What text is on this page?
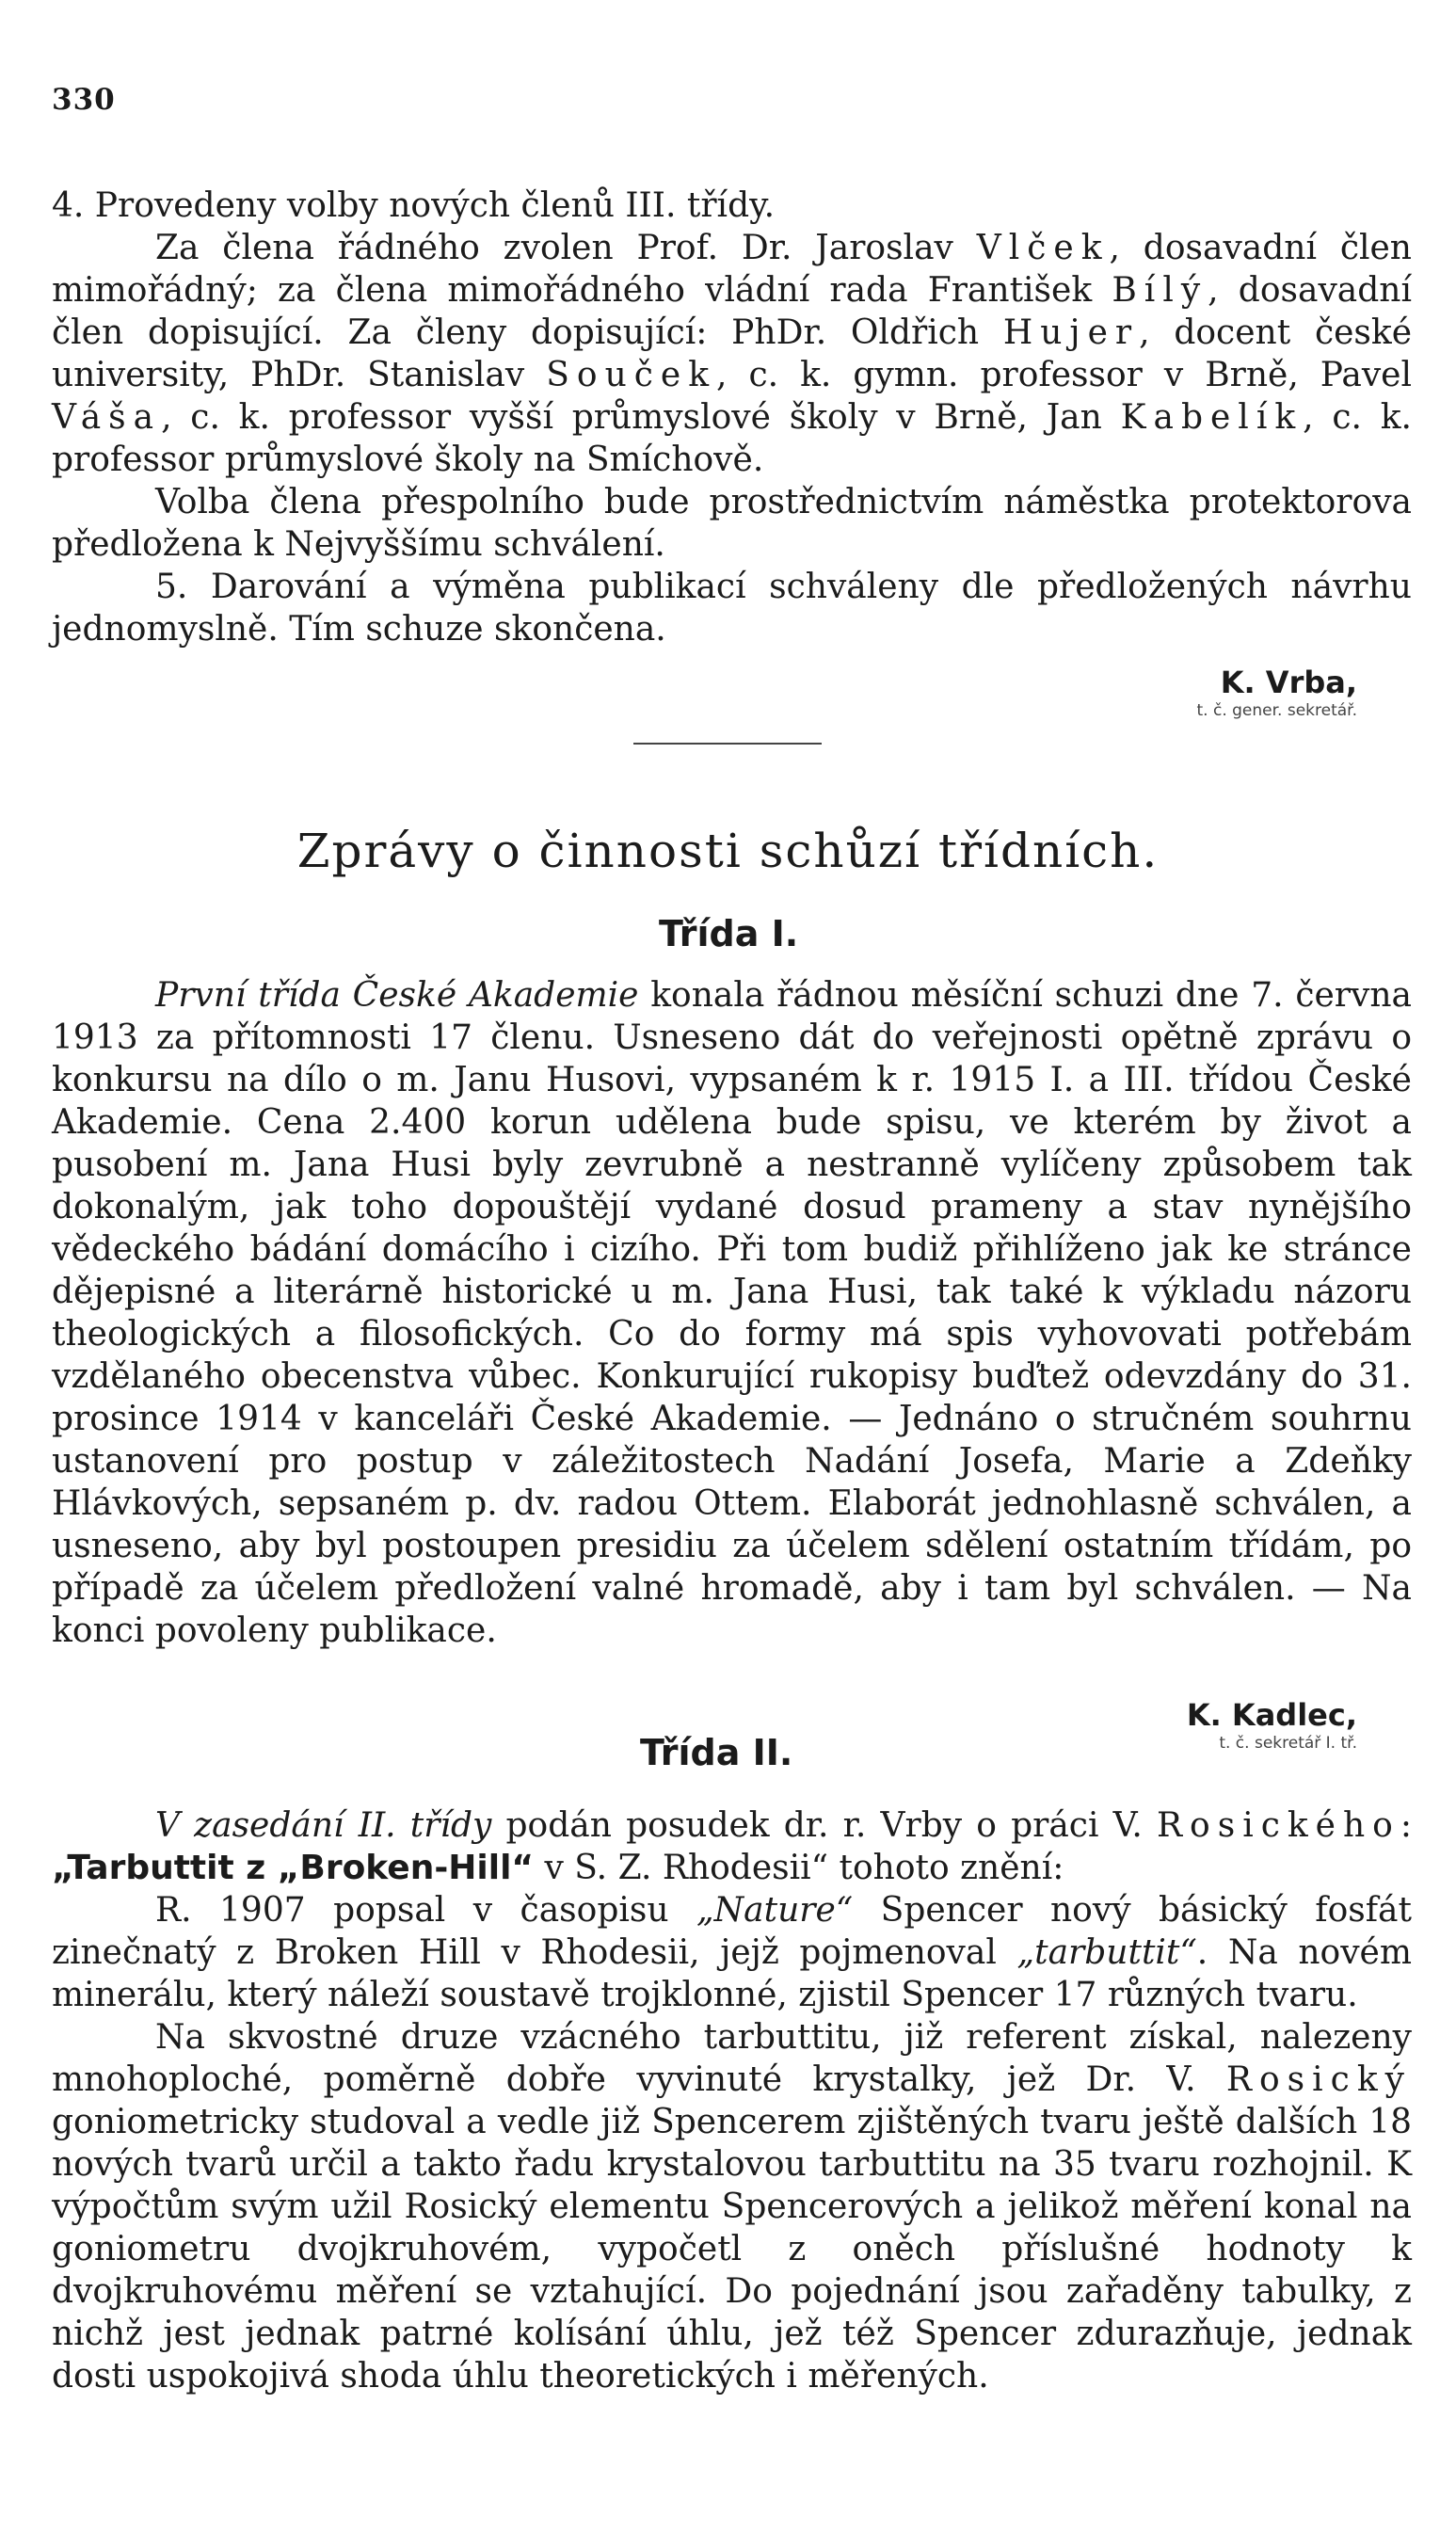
330

4. Provedeny volby nových členů III. třídy.

Za člena řádného zvolen Prof. Dr. Jaroslav Vlček, dosavadní člen mimořádný; za člena mimořádného vládní rada František Bílý, dosavadní člen dopisující. Za členy dopisující: PhDr. Oldřich Hujer, docent české university, PhDr. Stanislav Souček, c. k. gymn. professor v Brně, Pavel Váša, c. k. professor vyšší průmyslové školy v Brně, Jan Kabelík, c. k. professor průmyslové školy na Smíchově.

Volba člena přespolního bude prostřednictvím náměstka protektorova předložena k Nejvyššímu schválení.

5. Darování a výměna publikací schváleny dle předložených návrhu jednomyslně. Tím schuze skončena.

K. Vrba,
t. č. gener. sekretář.
Zprávy o činnosti schůzí třídních.
Třída I.

První třída České Akademie konala řádnou měsíční schuzi dne 7. června 1913 za přítomnosti 17 členu. Usneseno dát do veřejnosti opětně zprávu o konkursu na dílo o m. Janu Husovi, vypsaném k r. 1915 I. a III. třídou České Akademie. Cena 2.400 korun udělena bude spisu, ve kterém by život a pusobení m. Jana Husi byly zevrubně a nestranně vylíčeny způsobem tak dokonalým, jak toho dopouštějí vydané dosud prameny a stav nynějšího vědeckého bádání domácího i cizího. Při tom budiž přihlíženo jak ke stránce dějepisné a literárně historické u m. Jana Husi, tak také k výkladu názoru theologických a filosofických. Co do formy má spis vyhovovati potřebám vzdělaného obecenstva vůbec. Konkurující rukopisy buďtež odevzdány do 31. prosince 1914 v kanceláři České Akademie. — Jednáno o stručném souhrnu ustanovení pro postup v záležitostech Nadání Josefa, Marie a Zdeňky Hlávkových, sepsaném p. dv. radou Ottem. Elaborát jednohlasně schválen, a usneseno, aby byl postoupen presidiu za účelem sdělení ostatním třídám, po případě za účelem předložení valné hromadě, aby i tam byl schválen. — Na konci povoleny publikace.

K. Kadlec,
t. č. sekretář I. tř.
Třída II.

V zasedání II. třídy podán posudek dr. r. Vrby o práci V. Rosického: „Tarbuttit z „Broken-Hill“ v S. Z. Rhodesii“ tohoto znění:

R. 1907 popsal v časopisu „Nature“ Spencer nový básický fosfát zinečnatý z Broken Hill v Rhodesii, jejž pojmenoval „tarbuttit“. Na novém minerálu, který náleží soustavě trojklonné, zjistil Spencer 17 různých tvaru.

Na skvostné druze vzácného tarbuttitu, již referent získal, nalezeny mnohoploché, poměrně dobře vyvinuté krystalky, jež Dr. V. Rosický goniometricky studoval a vedle již Spencerem zjištěných tvaru ještě dalších 18 nových tvarů určil a takto řadu krystalovou tarbuttitu na 35 tvaru rozhojnil. K výpočtům svým užil Rosický elementu Spencerových a jelikož měření konal na goniometru dvojkruhovém, vypočetl z oněch příslušné hodnoty k dvojkruhovému měření se vztahující. Do pojednání jsou zařaděny tabulky, z nichž jest jednak patrné kolísání úhlu, jež též Spencer zdurazňuje, jednak dosti uspokojivá shoda úhlu theoretických i měřených.
